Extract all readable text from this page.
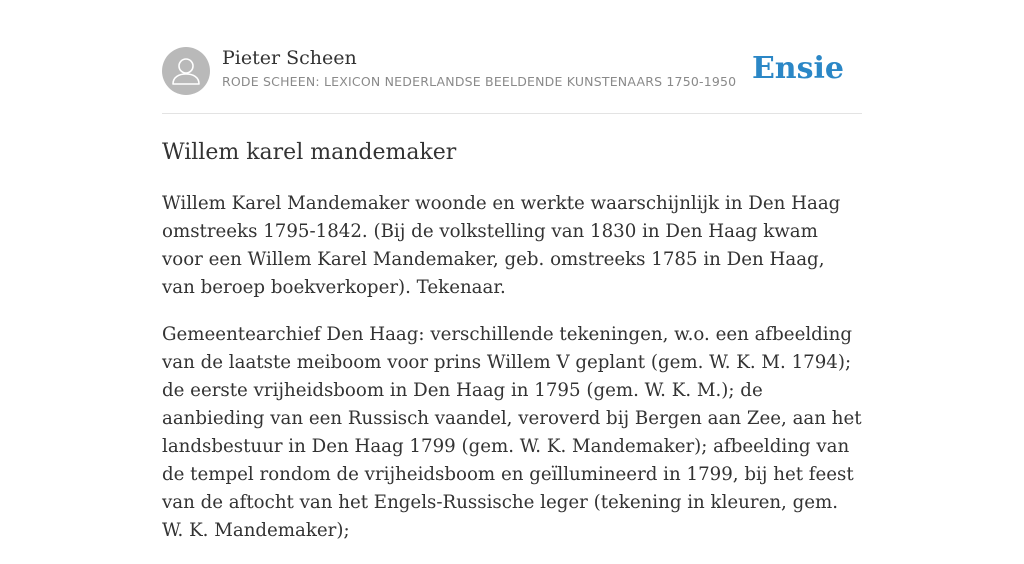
Pieter Scheen
RODE SCHEEN: LEXICON NEDERLANDSE BEELDENDE KUNSTENAARS 1750-1950 Ensie
Willem karel mandemaker

Willem Karel Mandemaker woonde en werkte waarschijnlijk in Den Haag omstreeks 1795-1842. (Bij de volkstelling van 1830 in Den Haag kwam voor een Willem Karel Mandemaker, geb. omstreeks 1785 in Den Haag, van beroep boekverkoper). Tekenaar.

Gemeentearchief Den Haag: verschillende tekeningen, w.o. een afbeelding van de laatste meiboom voor prins Willem V geplant (gem. W. K. M. 1794); de eerste vrijheidsboom in Den Haag in 1795 (gem. W. K. M.); de aanbieding van een Russisch vaandel, veroverd bij Bergen aan Zee, aan het landsbestuur in Den Haag 1799 (gem. W. K. Mandemaker); afbeelding van de tempel rondom de vrijheidsboom en geïllumineerd in 1799, bij het feest van de aftocht van het Engels-Russische leger (tekening in kleuren, gem. W. K. Mandemaker);
